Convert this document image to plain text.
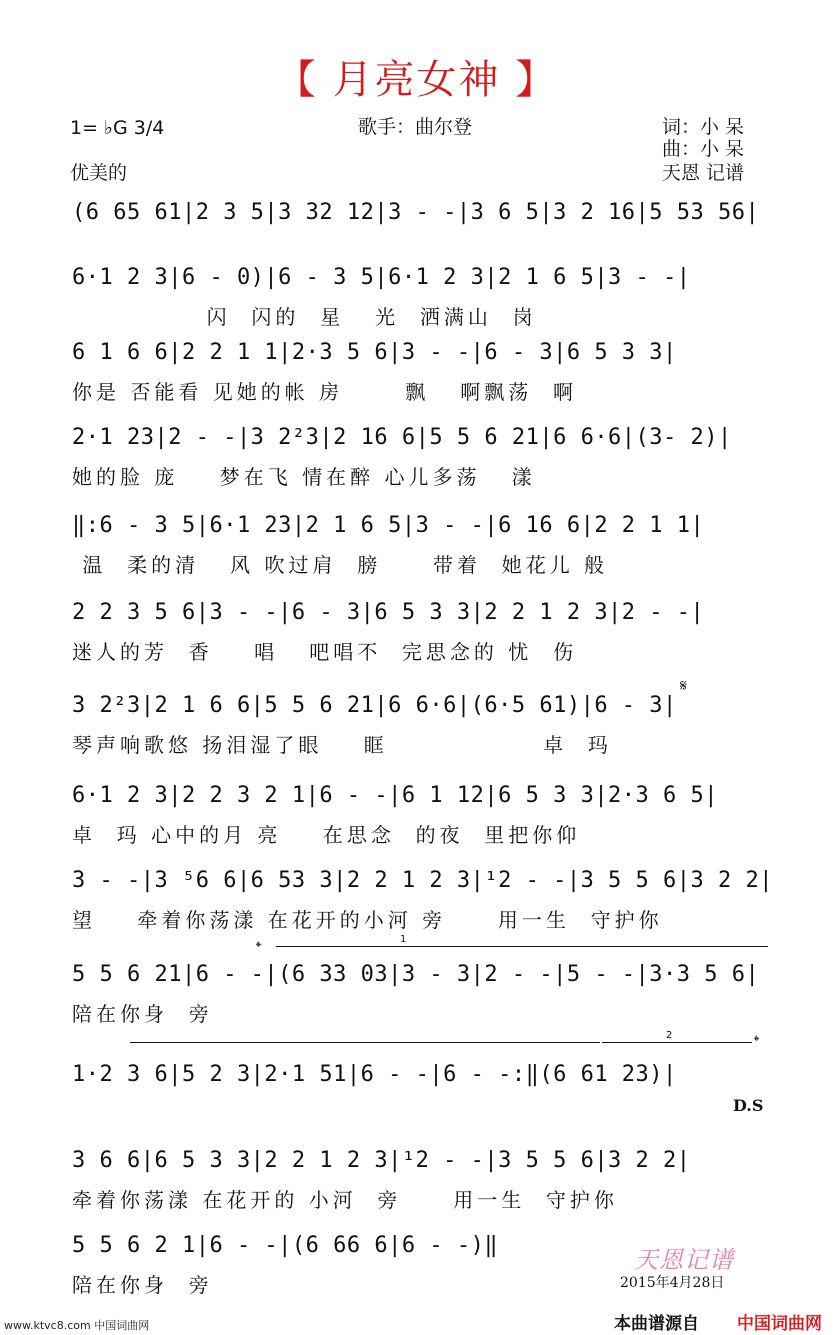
【 月亮女神 】
1= ♭G 3/4
优美的
歌手：曲尔登	词：小 呆
曲：小 呆
天恩 记谱
(6 65 61|2 3 5|3 32 12|3 - -|3 6 5|3 2 16|5 53 56|
6·1 2 3|6 - 0)|6 - 3 5|6·1 2 3|2 1 6 5|3 - -|
闪  闪的  星   光  洒满山  岗
6 1 6 6|2 2 1 1|2·3 5 6|3 - -|6 - 3|6 5 3 3|
你是 否能看 见她的帐 房      飘   啊飘荡  啊
2·1 23|2 - -|3 2²3|2 16 6|5 5 6 21|6 6·6|(3- 2)|
她的脸 庞    梦在飞 情在醉 心儿多荡   漾
‖:6 - 3 5|6·1 23|2 1 6 5|3 - -|6 16 6|2 2 1 1|
温  柔的清   风 吹过肩  膀     带着  她花儿 般
2 2 3 5 6|3 - -|6 - 3|6 5 3 3|2 2 1 2 3|2 - -|
迷人的芳  香    唱   吧唱不  完思念的 忧  伤
3 2²3|2 1 6 6|5 5 6 21|6 6·6|(6·5 61)|6 - 3|
琴声响歌悠 扬泪湿了眼    眶               卓  玛
6·1 2 3|2 2 3 2 1|6 - -|6 1 12|6 5 3 3|2·3 6 5|
卓  玛 心中的月 亮    在思念  的夜  里把你仰
3 - -|3 ⁵6 6|6 53 3|2 2 1 2 3|¹2 - -|3 5 5 6|3 2 2|
望    牵着你荡漾 在花开的小河 旁     用一生  守护你
5 5 6 21|6 - -|(6 33 03|3 - 3|2 - -|5 - -|3·3 5 6|
陪在你身  旁
1·2 3 6|5 2 3|2·1 51|6 - -|6 - -:‖(6 61 23)|
3 6 6|6 5 3 3|2 2 1 2 3|¹2 - -|3 5 5 6|3 2 2|
牵着你荡漾 在花开的 小河  旁     用一生  守护你
5 5 6 2 1|6 - -|(6 66 6|6 - -)‖
陪在你身  旁
𝄋
𝄌	1
2	𝄌
D.S
天恩记谱
2015年4月28日
www.ktvc8.com 中国词曲网	本曲谱源自 中国词曲网
